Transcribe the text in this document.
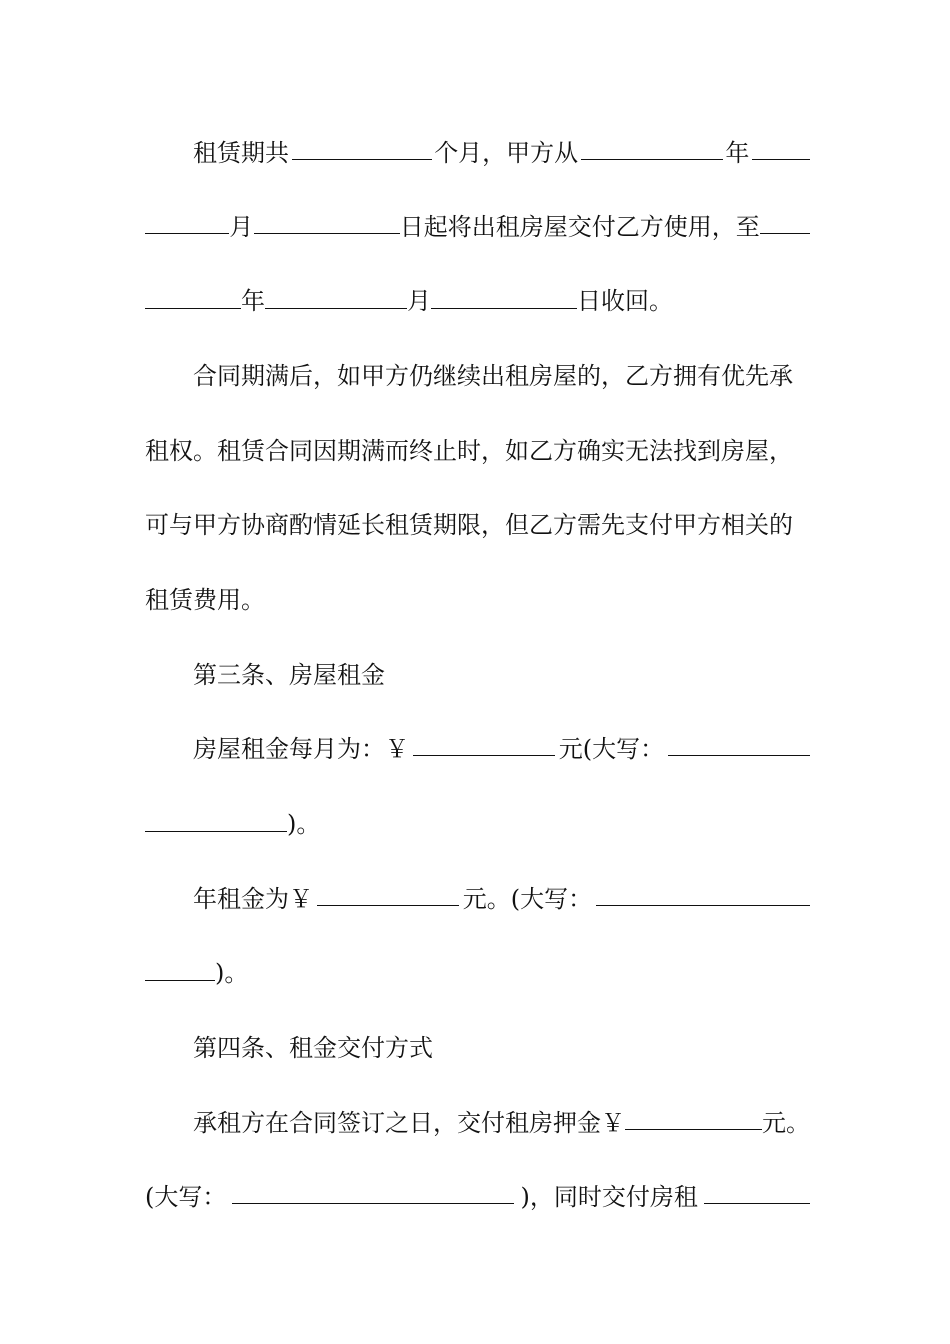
租赁期共	个月，甲方从	年
月	日起将出租房屋交付乙方使用，至
年	月	日收回。
合同期满后，如甲方仍继续出租房屋的，乙方拥有优先承
租权。租赁合同因期满而终止时，如乙方确实无法找到房屋，
可与甲方协商酌情延长租赁期限，但乙方需先支付甲方相关的
租赁费用。
第三条、房屋租金
房屋租金每月为：￥	元(大写：
)。
年租金为￥	元。(大写：
)。
第四条、租金交付方式
承租方在合同签订之日，交付租房押金￥	元。
(大写：	)，同时交付房租
